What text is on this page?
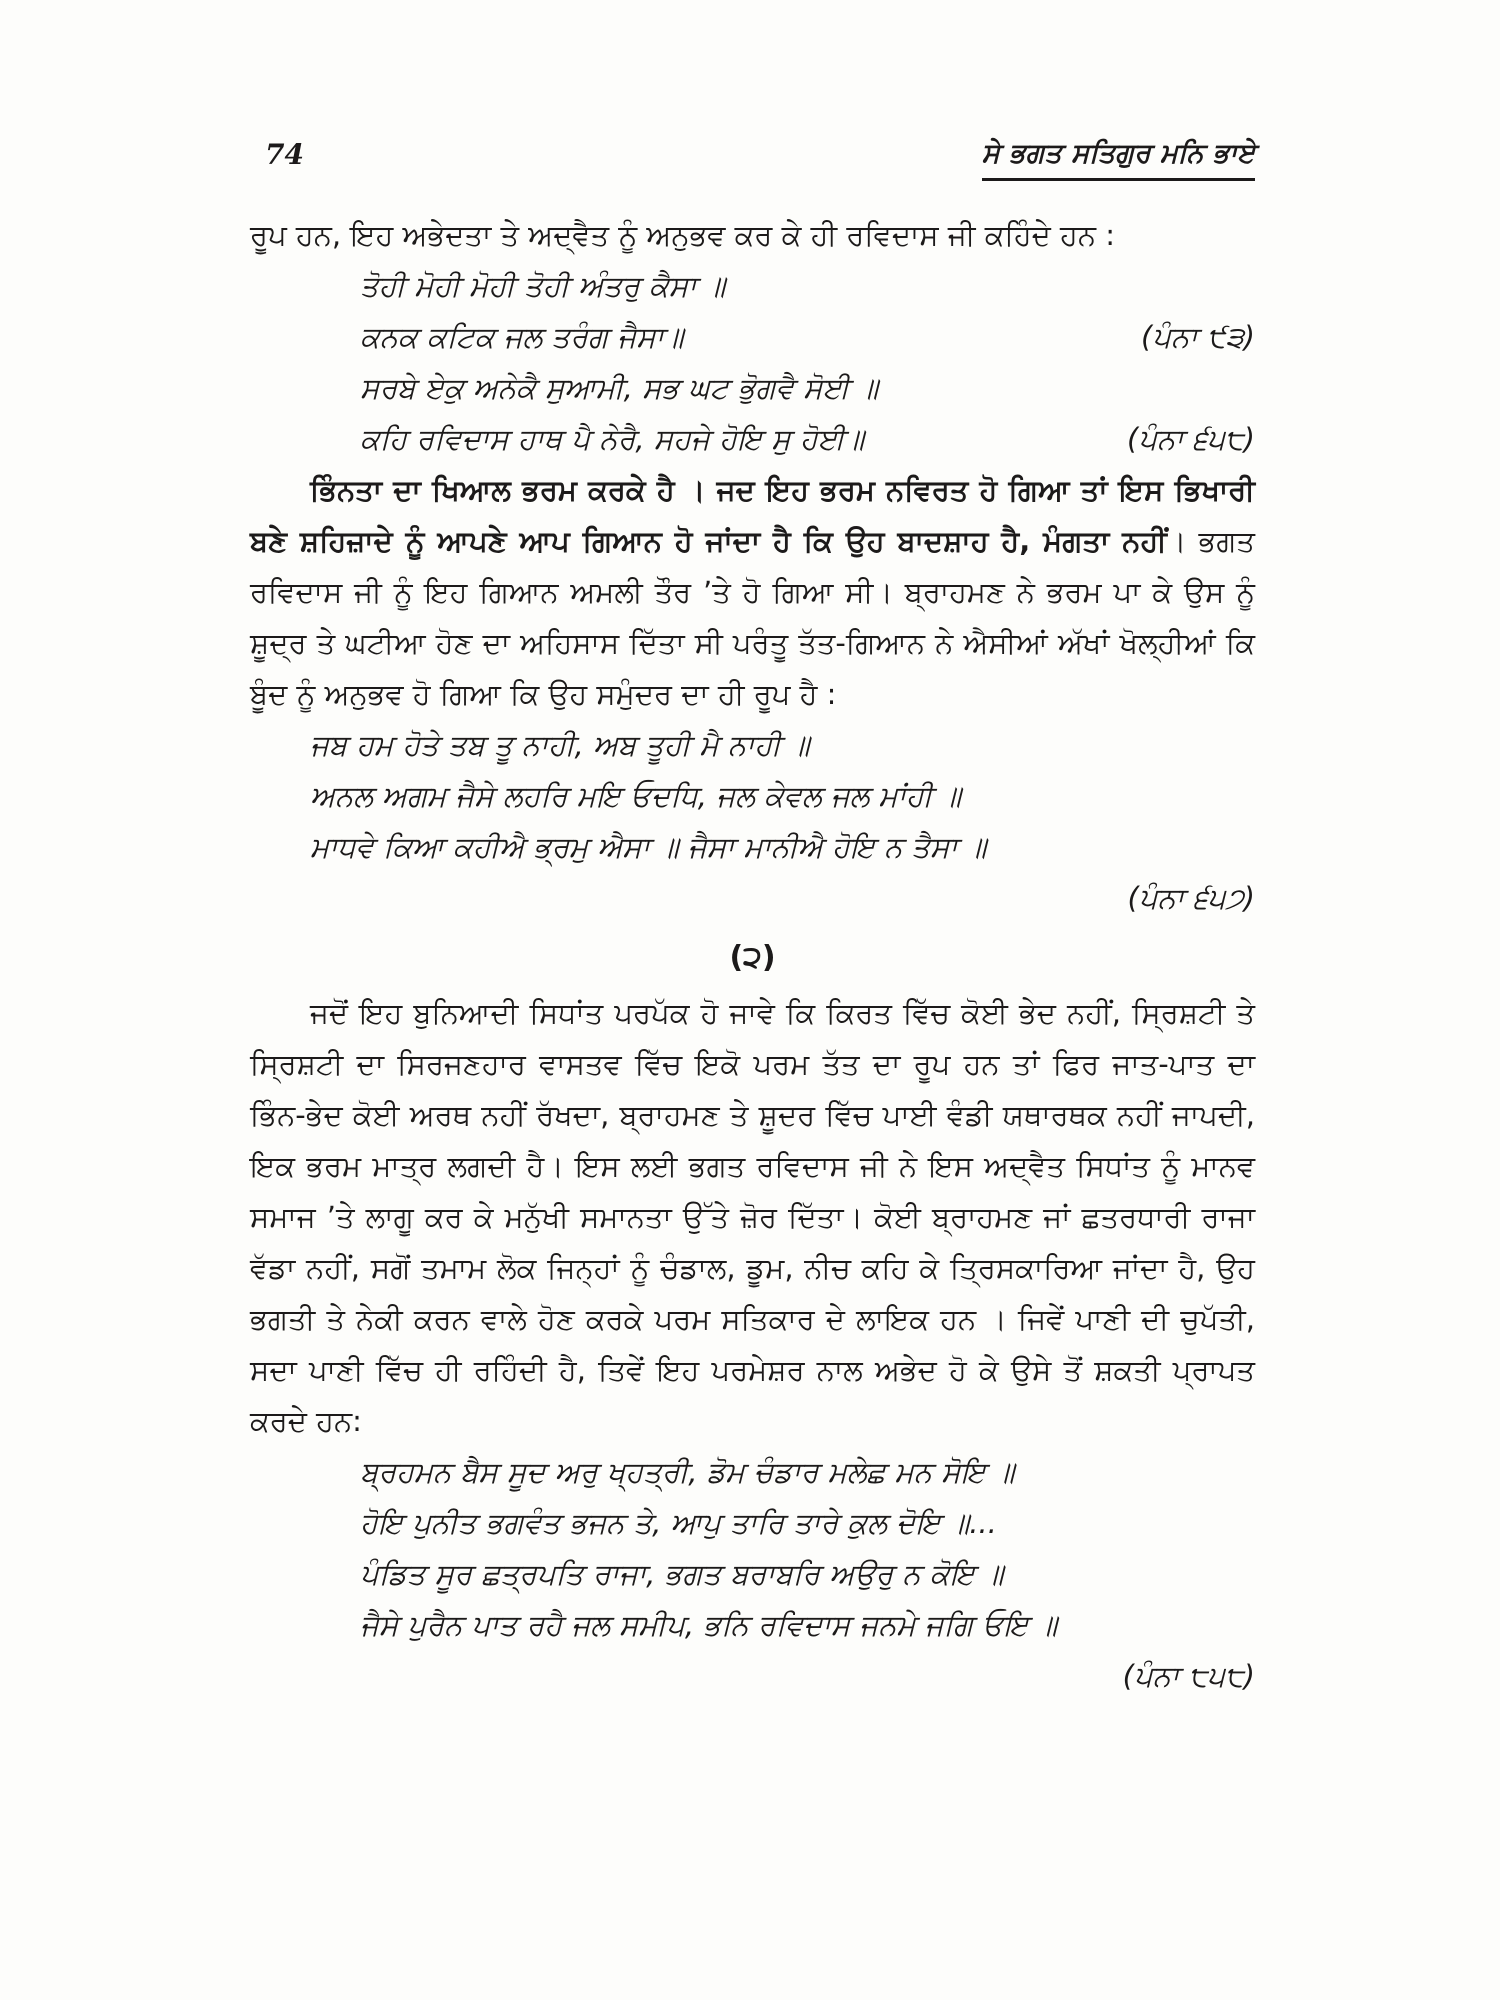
74	ਸੇ ਭਗਤ ਸਤਿਗੁਰ ਮਨਿ ਭਾਏ

ਰੂਪ ਹਨ, ਇਹ ਅਭੇਦਤਾ ਤੇ ਅਦ੍ਵੈਤ ਨੂੰ ਅਨੁਭਵ ਕਰ ਕੇ ਹੀ ਰਵਿਦਾਸ ਜੀ ਕਹਿੰਦੇ ਹਨ :

ਤੋਹੀ ਮੋਹੀ ਮੋਹੀ ਤੋਹੀ ਅੰਤਰੁ ਕੈਸਾ ॥
ਕਨਕ ਕਟਿਕ ਜਲ ਤਰੰਗ ਜੈਸਾ॥	(ਪੰਨਾ ੯੩)
ਸਰਬੇ ਏਕੁ ਅਨੇਕੈ ਸੁਆਮੀ, ਸਭ ਘਟ ਭੁੋਗਵੈ ਸੋਈ ॥
ਕਹਿ ਰਵਿਦਾਸ ਹਾਥ ਪੈ ਨੇਰੈ, ਸਹਜੇ ਹੋਇ ਸੁ ਹੋਈ॥	(ਪੰਨਾ ੬੫੮)

ਭਿੰਨਤਾ ਦਾ ਖਿਆਲ ਭਰਮ ਕਰਕੇ ਹੈ । ਜਦ ਇਹ ਭਰਮ ਨਵਿਰਤ ਹੋ ਗਿਆ ਤਾਂ ਇਸ ਭਿਖਾਰੀ ਬਣੇ ਸ਼ਹਿਜ਼ਾਦੇ ਨੂੰ ਆਪਣੇ ਆਪ ਗਿਆਨ ਹੋ ਜਾਂਦਾ ਹੈ ਕਿ ਉਹ ਬਾਦਸ਼ਾਹ ਹੈ, ਮੰਗਤਾ ਨਹੀਂ। ਭਗਤ ਰਵਿਦਾਸ ਜੀ ਨੂੰ ਇਹ ਗਿਆਨ ਅਮਲੀ ਤੌਰ ’ਤੇ ਹੋ ਗਿਆ ਸੀ। ਬ੍ਰਾਹਮਣ ਨੇ ਭਰਮ ਪਾ ਕੇ ਉਸ ਨੂੰ ਸ਼ੂਦ੍ਰ ਤੇ ਘਟੀਆ ਹੋਣ ਦਾ ਅਹਿਸਾਸ ਦਿੱਤਾ ਸੀ ਪਰੰਤੂ ਤੱਤ-ਗਿਆਨ ਨੇ ਐਸੀਆਂ ਅੱਖਾਂ ਖੋਲ੍ਹੀਆਂ ਕਿ ਬੂੰਦ ਨੂੰ ਅਨੁਭਵ ਹੋ ਗਿਆ ਕਿ ਉਹ ਸਮੁੰਦਰ ਦਾ ਹੀ ਰੂਪ ਹੈ :

ਜਬ ਹਮ ਹੋਤੇ ਤਬ ਤੂ ਨਾਹੀ, ਅਬ ਤੂਹੀ ਮੈ ਨਾਹੀ ॥
ਅਨਲ ਅਗਮ ਜੈਸੇ ਲਹਰਿ ਮਇ ਓਦਧਿ, ਜਲ ਕੇਵਲ ਜਲ ਮਾਂਹੀ ॥
ਮਾਧਵੇ ਕਿਆ ਕਹੀਐ ਭ੍ਰਮੁ ਐਸਾ ॥ ਜੈਸਾ ਮਾਨੀਐ ਹੋਇ ਨ ਤੈਸਾ ॥
(ਪੰਨਾ ੬੫੭)
(੨)

ਜਦੋਂ ਇਹ ਬੁਨਿਆਦੀ ਸਿਧਾਂਤ ਪਰਪੱਕ ਹੋ ਜਾਵੇ ਕਿ ਕਿਰਤ ਵਿੱਚ ਕੋਈ ਭੇਦ ਨਹੀਂ, ਸ੍ਰਿਸ਼ਟੀ ਤੇ ਸ੍ਰਿਸ਼ਟੀ ਦਾ ਸਿਰਜਣਹਾਰ ਵਾਸਤਵ ਵਿੱਚ ਇਕੋ ਪਰਮ ਤੱਤ ਦਾ ਰੂਪ ਹਨ ਤਾਂ ਫਿਰ ਜਾਤ-ਪਾਤ ਦਾ ਭਿੰਨ-ਭੇਦ ਕੋਈ ਅਰਥ ਨਹੀਂ ਰੱਖਦਾ, ਬ੍ਰਾਹਮਣ ਤੇ ਸ਼ੂਦਰ ਵਿੱਚ ਪਾਈ ਵੰਡੀ ਯਥਾਰਥਕ ਨਹੀਂ ਜਾਪਦੀ, ਇਕ ਭਰਮ ਮਾਤ੍ਰ ਲਗਦੀ ਹੈ। ਇਸ ਲਈ ਭਗਤ ਰਵਿਦਾਸ ਜੀ ਨੇ ਇਸ ਅਦ੍ਵੈਤ ਸਿਧਾਂਤ ਨੂੰ ਮਾਨਵ ਸਮਾਜ ’ਤੇ ਲਾਗੂ ਕਰ ਕੇ ਮਨੁੱਖੀ ਸਮਾਨਤਾ ਉੱਤੇ ਜ਼ੋਰ ਦਿੱਤਾ। ਕੋਈ ਬ੍ਰਾਹਮਣ ਜਾਂ ਛਤਰਧਾਰੀ ਰਾਜਾ ਵੱਡਾ ਨਹੀਂ, ਸਗੋਂ ਤਮਾਮ ਲੋਕ ਜਿਨ੍ਹਾਂ ਨੂੰ ਚੰਡਾਲ, ਡੂਮ, ਨੀਚ ਕਹਿ ਕੇ ਤ੍ਰਿਸਕਾਰਿਆ ਜਾਂਦਾ ਹੈ, ਉਹ ਭਗਤੀ ਤੇ ਨੇਕੀ ਕਰਨ ਵਾਲੇ ਹੋਣ ਕਰਕੇ ਪਰਮ ਸਤਿਕਾਰ ਦੇ ਲਾਇਕ ਹਨ । ਜਿਵੇਂ ਪਾਣੀ ਦੀ ਚੁਪੱਤੀ, ਸਦਾ ਪਾਣੀ ਵਿੱਚ ਹੀ ਰਹਿੰਦੀ ਹੈ, ਤਿਵੇਂ ਇਹ ਪਰਮੇਸ਼ਰ ਨਾਲ ਅਭੇਦ ਹੋ ਕੇ ਉਸੇ ਤੋਂ ਸ਼ਕਤੀ ਪ੍ਰਾਪਤ ਕਰਦੇ ਹਨ:

ਬ੍ਰਹਮਨ ਬੈਸ ਸੂਦ ਅਰੁ ਖ੍ਹਤ੍ਰੀ, ਡੋਮ ਚੰਡਾਰ ਮਲੇਛ ਮਨ ਸੋਇ ॥
ਹੋਇ ਪੁਨੀਤ ਭਗਵੰਤ ਭਜਨ ਤੇ, ਆਪੁ ਤਾਰਿ ਤਾਰੇ ਕੁਲ ਦੋਇ ॥...
ਪੰਡਿਤ ਸੂਰ ਛਤ੍ਰਪਤਿ ਰਾਜਾ, ਭਗਤ ਬਰਾਬਰਿ ਅਉਰੁ ਨ ਕੋਇ ॥
ਜੈਸੇ ਪੁਰੈਨ ਪਾਤ ਰਹੈ ਜਲ ਸਮੀਪ, ਭਨਿ ਰਵਿਦਾਸ ਜਨਮੇ ਜਗਿ ਓਇ ॥
(ਪੰਨਾ ੮੫੮)
